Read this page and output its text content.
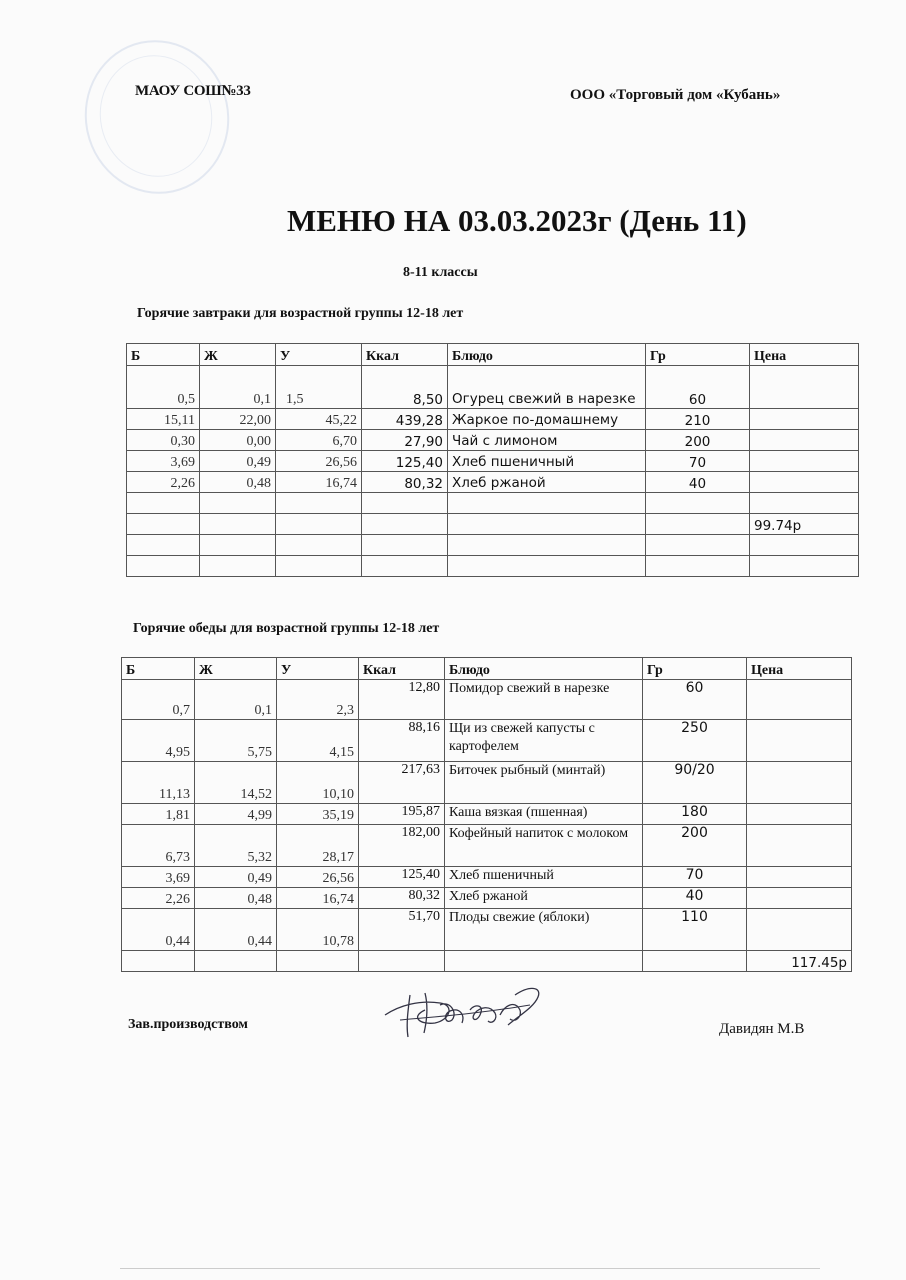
МАОУ СОШ№33	ООО «Торговый дом «Кубань»
МЕНЮ НА 03.03.2023г (День 11)
8-11 классы
Горячие завтраки для возрастной группы 12-18 лет
Б	Ж	У	Ккал	Блюдо	Гр	Цена
0,5	0,1	1,5	8,50	Огурец свежий в нарезке	60	
15,11	22,00	45,22	439,28	Жаркое по-домашнему	210	
0,30	0,00	6,70	27,90	Чай с лимоном	200	
3,69	0,49	26,56	125,40	Хлеб пшеничный	70	
2,26	0,48	16,74	80,32	Хлеб ржаной	40	

						99.74р

Горячие обеды для возрастной группы 12-18 лет
Б	Ж	У	Ккал	Блюдо	Гр	Цена
0,7	0,1	2,3	12,80	Помидор свежий в нарезке	60	
4,95	5,75	4,15	88,16	Щи из свежей капусты с картофелем	250	
11,13	14,52	10,10	217,63	Биточек рыбный (минтай)	90/20	
1,81	4,99	35,19	195,87	Каша вязкая (пшенная)	180	
6,73	5,32	28,17	182,00	Кофейный напиток с молоком	200	
3,69	0,49	26,56	125,40	Хлеб пшеничный	70	
2,26	0,48	16,74	80,32	Хлеб ржаной	40	
0,44	0,44	10,78	51,70	Плоды свежие (яблоки)	110	
						117.45р
Зав.производством	Давидян М.В
